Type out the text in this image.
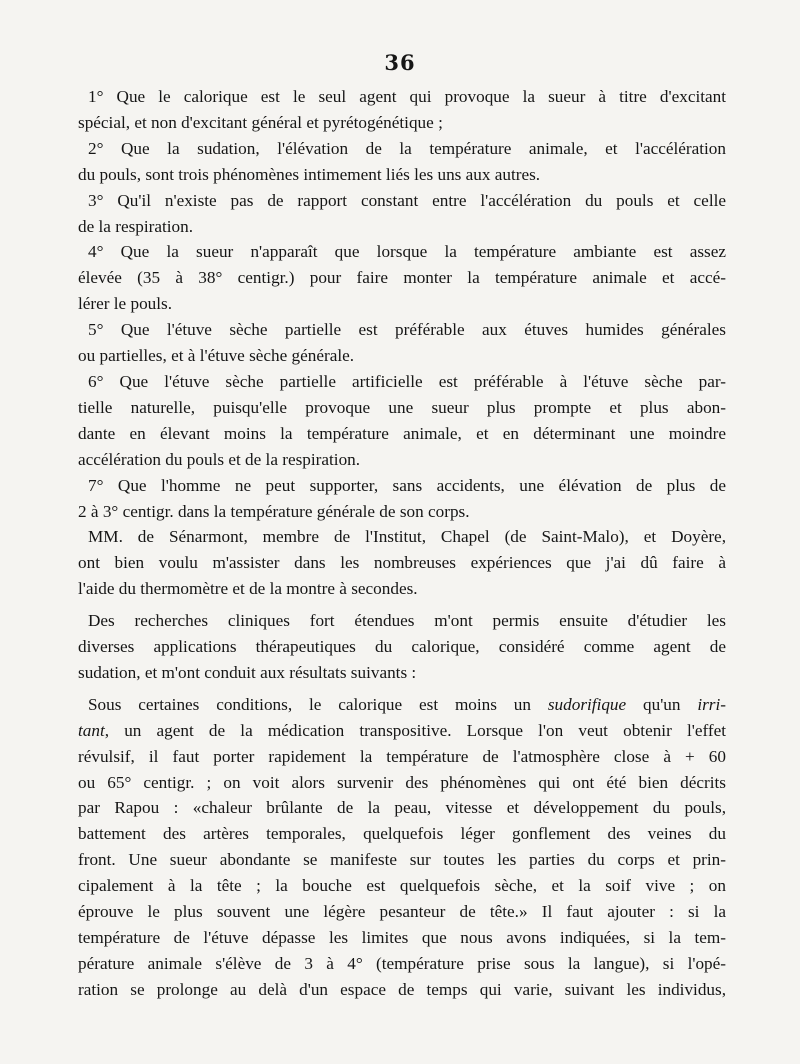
36
1° Que le calorique est le seul agent qui provoque la sueur à titre d'excitant
spécial, et non d'excitant général et pyrétogénétique ;
2° Que la sudation, l'élévation de la température animale, et l'accélération
du pouls, sont trois phénomènes intimement liés les uns aux autres.
3° Qu'il n'existe pas de rapport constant entre l'accélération du pouls et celle
de la respiration.
4° Que la sueur n'apparaît que lorsque la température ambiante est assez
élevée (35 à 38° centigr.) pour faire monter la température animale et accé-
lérer le pouls.
5° Que l'étuve sèche partielle est préférable aux étuves humides générales
ou partielles, et à l'étuve sèche générale.
6° Que l'étuve sèche partielle artificielle est préférable à l'étuve sèche par-
tielle naturelle, puisqu'elle provoque une sueur plus prompte et plus abon-
dante en élevant moins la température animale, et en déterminant une moindre
accélération du pouls et de la respiration.
7° Que l'homme ne peut supporter, sans accidents, une élévation de plus de
2 à 3° centigr. dans la température générale de son corps.
MM. de Sénarmont, membre de l'Institut, Chapel (de Saint-Malo), et Doyère,
ont bien voulu m'assister dans les nombreuses expériences que j'ai dû faire à
l'aide du thermomètre et de la montre à secondes.
Des recherches cliniques fort étendues m'ont permis ensuite d'étudier les
diverses applications thérapeutiques du calorique, considéré comme agent de
sudation, et m'ont conduit aux résultats suivants :
Sous certaines conditions, le calorique est moins un sudorifique qu'un irri-
tant, un agent de la médication transpositive. Lorsque l'on veut obtenir l'effet
révulsif, il faut porter rapidement la température de l'atmosphère close à + 60
ou 65° centigr. ; on voit alors survenir des phénomènes qui ont été bien décrits
par Rapou : «chaleur brûlante de la peau, vitesse et développement du pouls,
battement des artères temporales, quelquefois léger gonflement des veines du
front. Une sueur abondante se manifeste sur toutes les parties du corps et prin-
cipalement à la tête ; la bouche est quelquefois sèche, et la soif vive ; on
éprouve le plus souvent une légère pesanteur de tête.» Il faut ajouter : si la
température de l'étuve dépasse les limites que nous avons indiquées, si la tem-
pérature animale s'élève de 3 à 4° (température prise sous la langue), si l'opé-
ration se prolonge au delà d'un espace de temps qui varie, suivant les individus,
